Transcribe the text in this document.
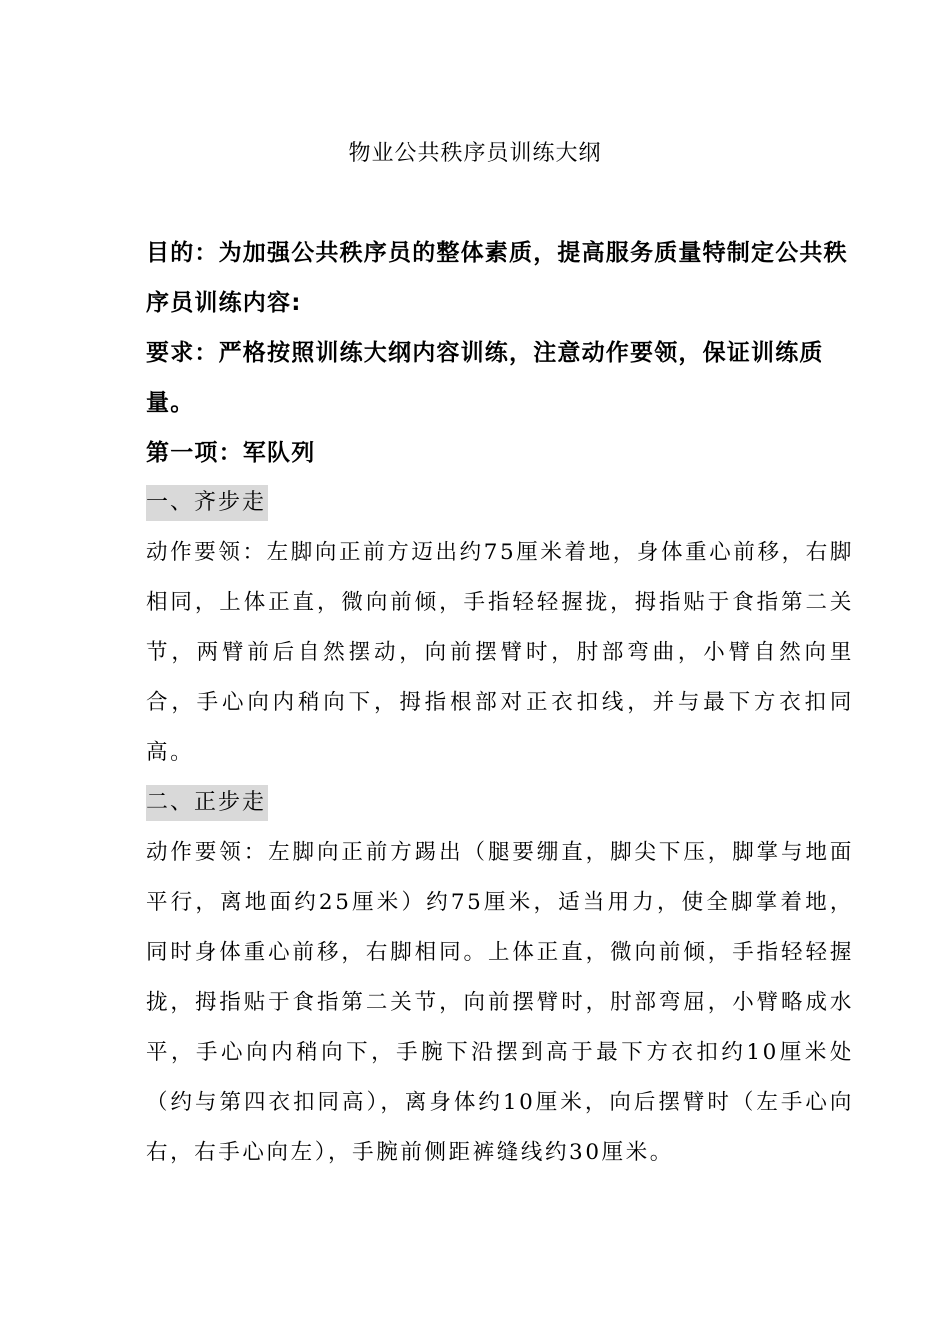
物业公共秩序员训练大纲

目的：为加强公共秩序员的整体素质，提高服务质量特制定公共秩序员训练内容:

要求：严格按照训练大纲内容训练，注意动作要领，保证训练质量。

第一项：军队列

一、齐步走

动作要领：左脚向正前方迈出约75厘米着地，身体重心前移，右脚相同，上体正直，微向前倾，手指轻轻握拢，拇指贴于食指第二关节，两臂前后自然摆动，向前摆臂时，肘部弯曲，小臂自然向里合，手心向内稍向下，拇指根部对正衣扣线，并与最下方衣扣同高。

二、正步走

动作要领：左脚向正前方踢出（腿要绷直，脚尖下压，脚掌与地面平行，离地面约25厘米）约75厘米，适当用力，使全脚掌着地，同时身体重心前移，右脚相同。上体正直，微向前倾，手指轻轻握拢，拇指贴于食指第二关节，向前摆臂时，肘部弯屈，小臂略成水平，手心向内稍向下，手腕下沿摆到高于最下方衣扣约10厘米处（约与第四衣扣同高），离身体约10厘米，向后摆臂时（左手心向右，右手心向左），手腕前侧距裤缝线约30厘米。
